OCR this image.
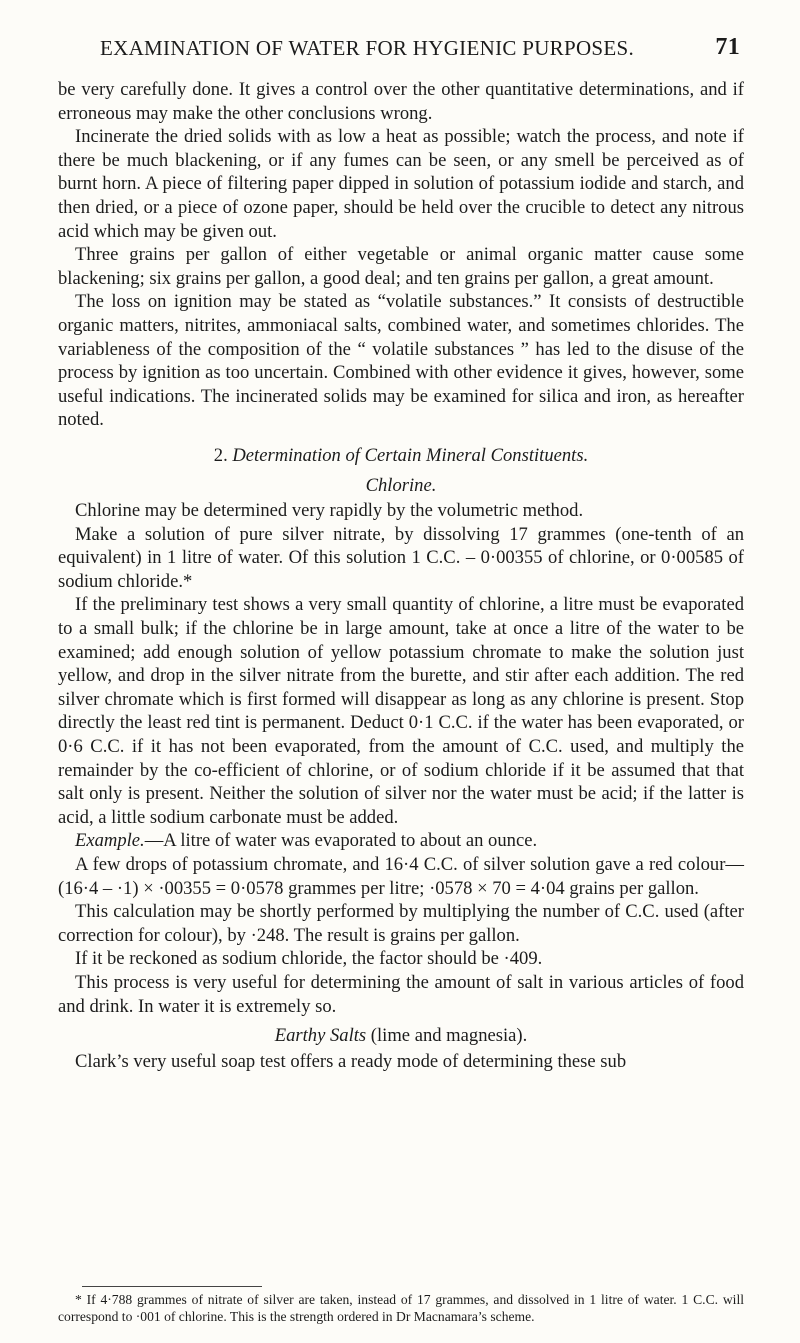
EXAMINATION OF WATER FOR HYGIENIC PURPOSES.	71

be very carefully done. It gives a control over the other quantitative determinations, and if erroneous may make the other conclusions wrong.

Incinerate the dried solids with as low a heat as possible; watch the process, and note if there be much blackening, or if any fumes can be seen, or any smell be perceived as of burnt horn. A piece of filtering paper dipped in solution of potassium iodide and starch, and then dried, or a piece of ozone paper, should be held over the crucible to detect any nitrous acid which may be given out.

Three grains per gallon of either vegetable or animal organic matter cause some blackening; six grains per gallon, a good deal; and ten grains per gallon, a great amount.

The loss on ignition may be stated as “volatile substances.” It consists of destructible organic matters, nitrites, ammoniacal salts, combined water, and sometimes chlorides. The variableness of the composition of the “ volatile substances ” has led to the disuse of the process by ignition as too uncertain. Combined with other evidence it gives, however, some useful indications. The incinerated solids may be examined for silica and iron, as hereafter noted.

2. Determination of Certain Mineral Constituents.

Chlorine.

Chlorine may be determined very rapidly by the volumetric method.

Make a solution of pure silver nitrate, by dissolving 17 grammes (one-tenth of an equivalent) in 1 litre of water. Of this solution 1 C.C. – 0·00355 of chlorine, or 0·00585 of sodium chloride.*

If the preliminary test shows a very small quantity of chlorine, a litre must be evaporated to a small bulk; if the chlorine be in large amount, take at once a litre of the water to be examined; add enough solution of yellow potassium chromate to make the solution just yellow, and drop in the silver nitrate from the burette, and stir after each addition. The red silver chromate which is first formed will disappear as long as any chlorine is present. Stop directly the least red tint is permanent. Deduct 0·1 C.C. if the water has been evaporated, or 0·6 C.C. if it has not been evaporated, from the amount of C.C. used, and multiply the remainder by the co-efficient of chlorine, or of sodium chloride if it be assumed that that salt only is present. Neither the solution of silver nor the water must be acid; if the latter is acid, a little sodium carbonate must be added.

Example.—A litre of water was evaporated to about an ounce.

A few drops of potassium chromate, and 16·4 C.C. of silver solution gave a red colour—(16·4 – ·1) × ·00355 = 0·0578 grammes per litre; ·0578 × 70 = 4·04 grains per gallon.

This calculation may be shortly performed by multiplying the number of C.C. used (after correction for colour), by ·248. The result is grains per gallon.

If it be reckoned as sodium chloride, the factor should be ·409.

This process is very useful for determining the amount of salt in various articles of food and drink. In water it is extremely so.

Earthy Salts (lime and magnesia).

Clark’s very useful soap test offers a ready mode of determining these sub

* If 4·788 grammes of nitrate of silver are taken, instead of 17 grammes, and dissolved in 1 litre of water. 1 C.C. will correspond to ·001 of chlorine. This is the strength ordered in Dr Macnamara’s scheme.
